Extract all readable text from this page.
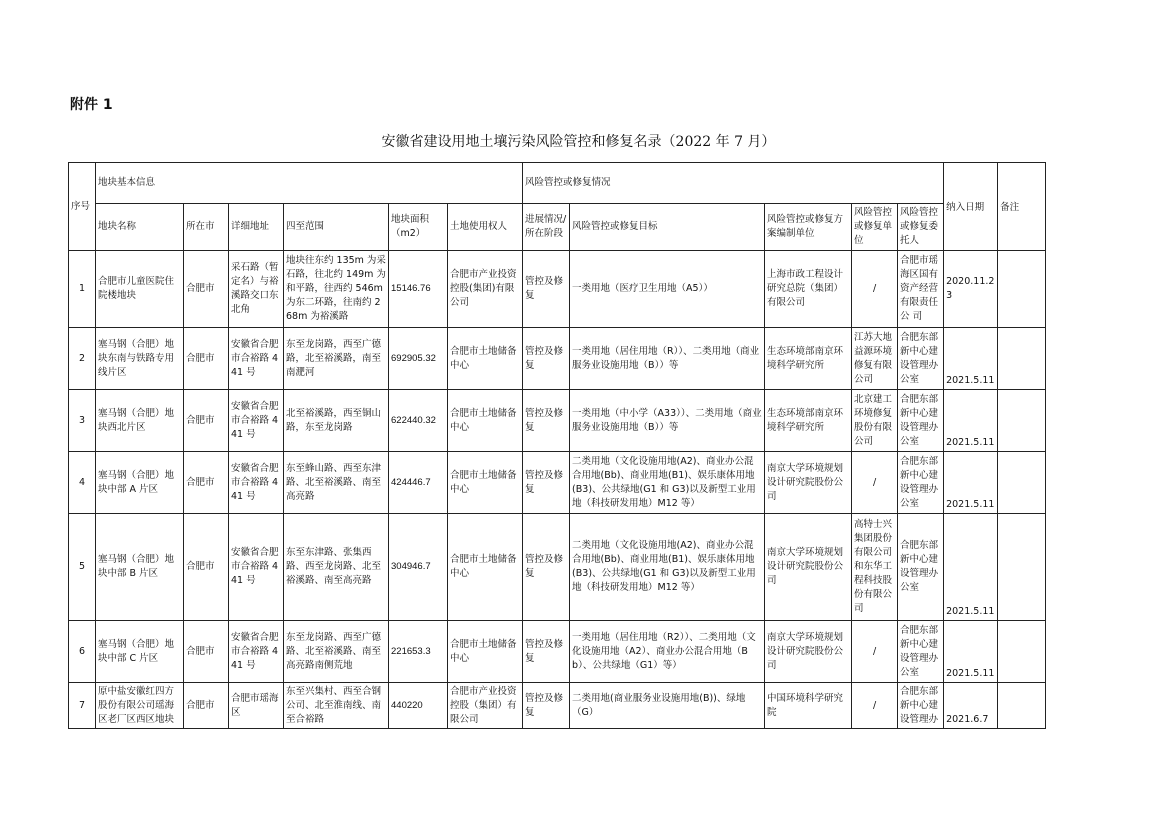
附件 1
安徽省建设用地土壤污染风险管控和修复名录（2022 年 7 月）
序号	地块基本信息						风险管控或修复情况					纳入日期	备注
	地块名称	所在市	详细地址	四至范围	地块面积（m2）	土地使用权人	进展情况/所在阶段	风险管控或修复目标	风险管控或修复方案编制单位	风险管控或修复单位	风险管控或修复委托人		
1	合肥市儿童医院住院楼地块	合肥市	采石路（暂定名）与裕溪路交口东北角	地块往东约 135m 为采石路，往北约 149m 为和平路，往西约 546m 为东二环路，往南约 268m 为裕溪路	15146.76	合肥市产业投资控股(集团)有限公司	管控及修复	一类用地（医疗卫生用地（A5））	上海市政工程设计研究总院（集团）有限公司	/	合肥市瑶海区国有资产经营有限责任公 司	2020.11.23	
2	塞马钢（合肥）地块东南与铁路专用线片区	合肥市	安徽省合肥市合裕路 441 号	东至龙岗路，西至广德路，北至裕溪路，南至南淝河	692905.32	合肥市土地储备中心	管控及修复	一类用地（居住用地（R））、二类用地（商业服务业设施用地（B））等	生态环境部南京环境科学研究所	江苏大地益源环境修复有限公司	合肥东部新中心建设管理办公室	2021.5.11	
3	塞马钢（合肥）地块西北片区	合肥市	安徽省合肥市合裕路 441 号	北至裕溪路，西至铜山路，东至龙岗路	622440.32	合肥市土地储备中心	管控及修复	一类用地（中小学（A33））、二类用地（商业服务业设施用地（B））等	生态环境部南京环境科学研究所	北京建工环境修复股份有限公司	合肥东部新中心建设管理办公室	2021.5.11	
4	塞马钢（合肥）地块中部 A 片区	合肥市	安徽省合肥市合裕路 441 号	东至蜂山路、西至东津路、北至裕溪路、南至高亮路	424446.7	合肥市土地储备中心	管控及修复	二类用地（文化设施用地(A2)、商业办公混合用地(Bb)、商业用地(B1)、娱乐康体用地(B3)、公共绿地(G1 和 G3)以及新型工业用地（科技研发用地）M12 等）	南京大学环境规划设计研究院股份公司	/	合肥东部新中心建设管理办公室	2021.5.11	
5	塞马钢（合肥）地块中部 B 片区	合肥市	安徽省合肥市合裕路 441 号	东至东津路、张集西路、西至龙岗路、北至裕溪路、南至高亮路	304946.7	合肥市土地储备中心	管控及修复	二类用地（文化设施用地(A2)、商业办公混合用地(Bb)、商业用地(B1)、娱乐康体用地(B3)、公共绿地(G1 和 G3)以及新型工业用地（科技研发用地）M12 等）	南京大学环境规划设计研究院股份公司	高特士兴集团股份有限公司和东华工程科技股份有限公司	合肥东部新中心建设管理办公室	2021.5.11	
6	塞马钢（合肥）地块中部 C 片区	合肥市	安徽省合肥市合裕路 441 号	东至龙岗路、西至广德路、北至裕溪路、南至高亮路南侧荒地	221653.3	合肥市土地储备中心	管控及修复	一类用地（居住用地（R2））、二类用地（文化设施用地（A2）、商业办公混合用地（Bb）、公共绿地（G1）等）	南京大学环境规划设计研究院股份公司	/	合肥东部新中心建设管理办公室	2021.5.11	
7	原中盐安徽红四方股份有限公司瑶海区老厂区西区地块	合肥市	合肥市瑶海区	东至兴集村、西至合钢公司、北至淮南线、南至合裕路	440220	合肥市产业投资控股（集团）有限公司	管控及修复	二类用地(商业服务业设施用地(B))、绿地（G）	中国环境科学研究院	/	合肥东部新中心建设管理办	2021.6.7	
